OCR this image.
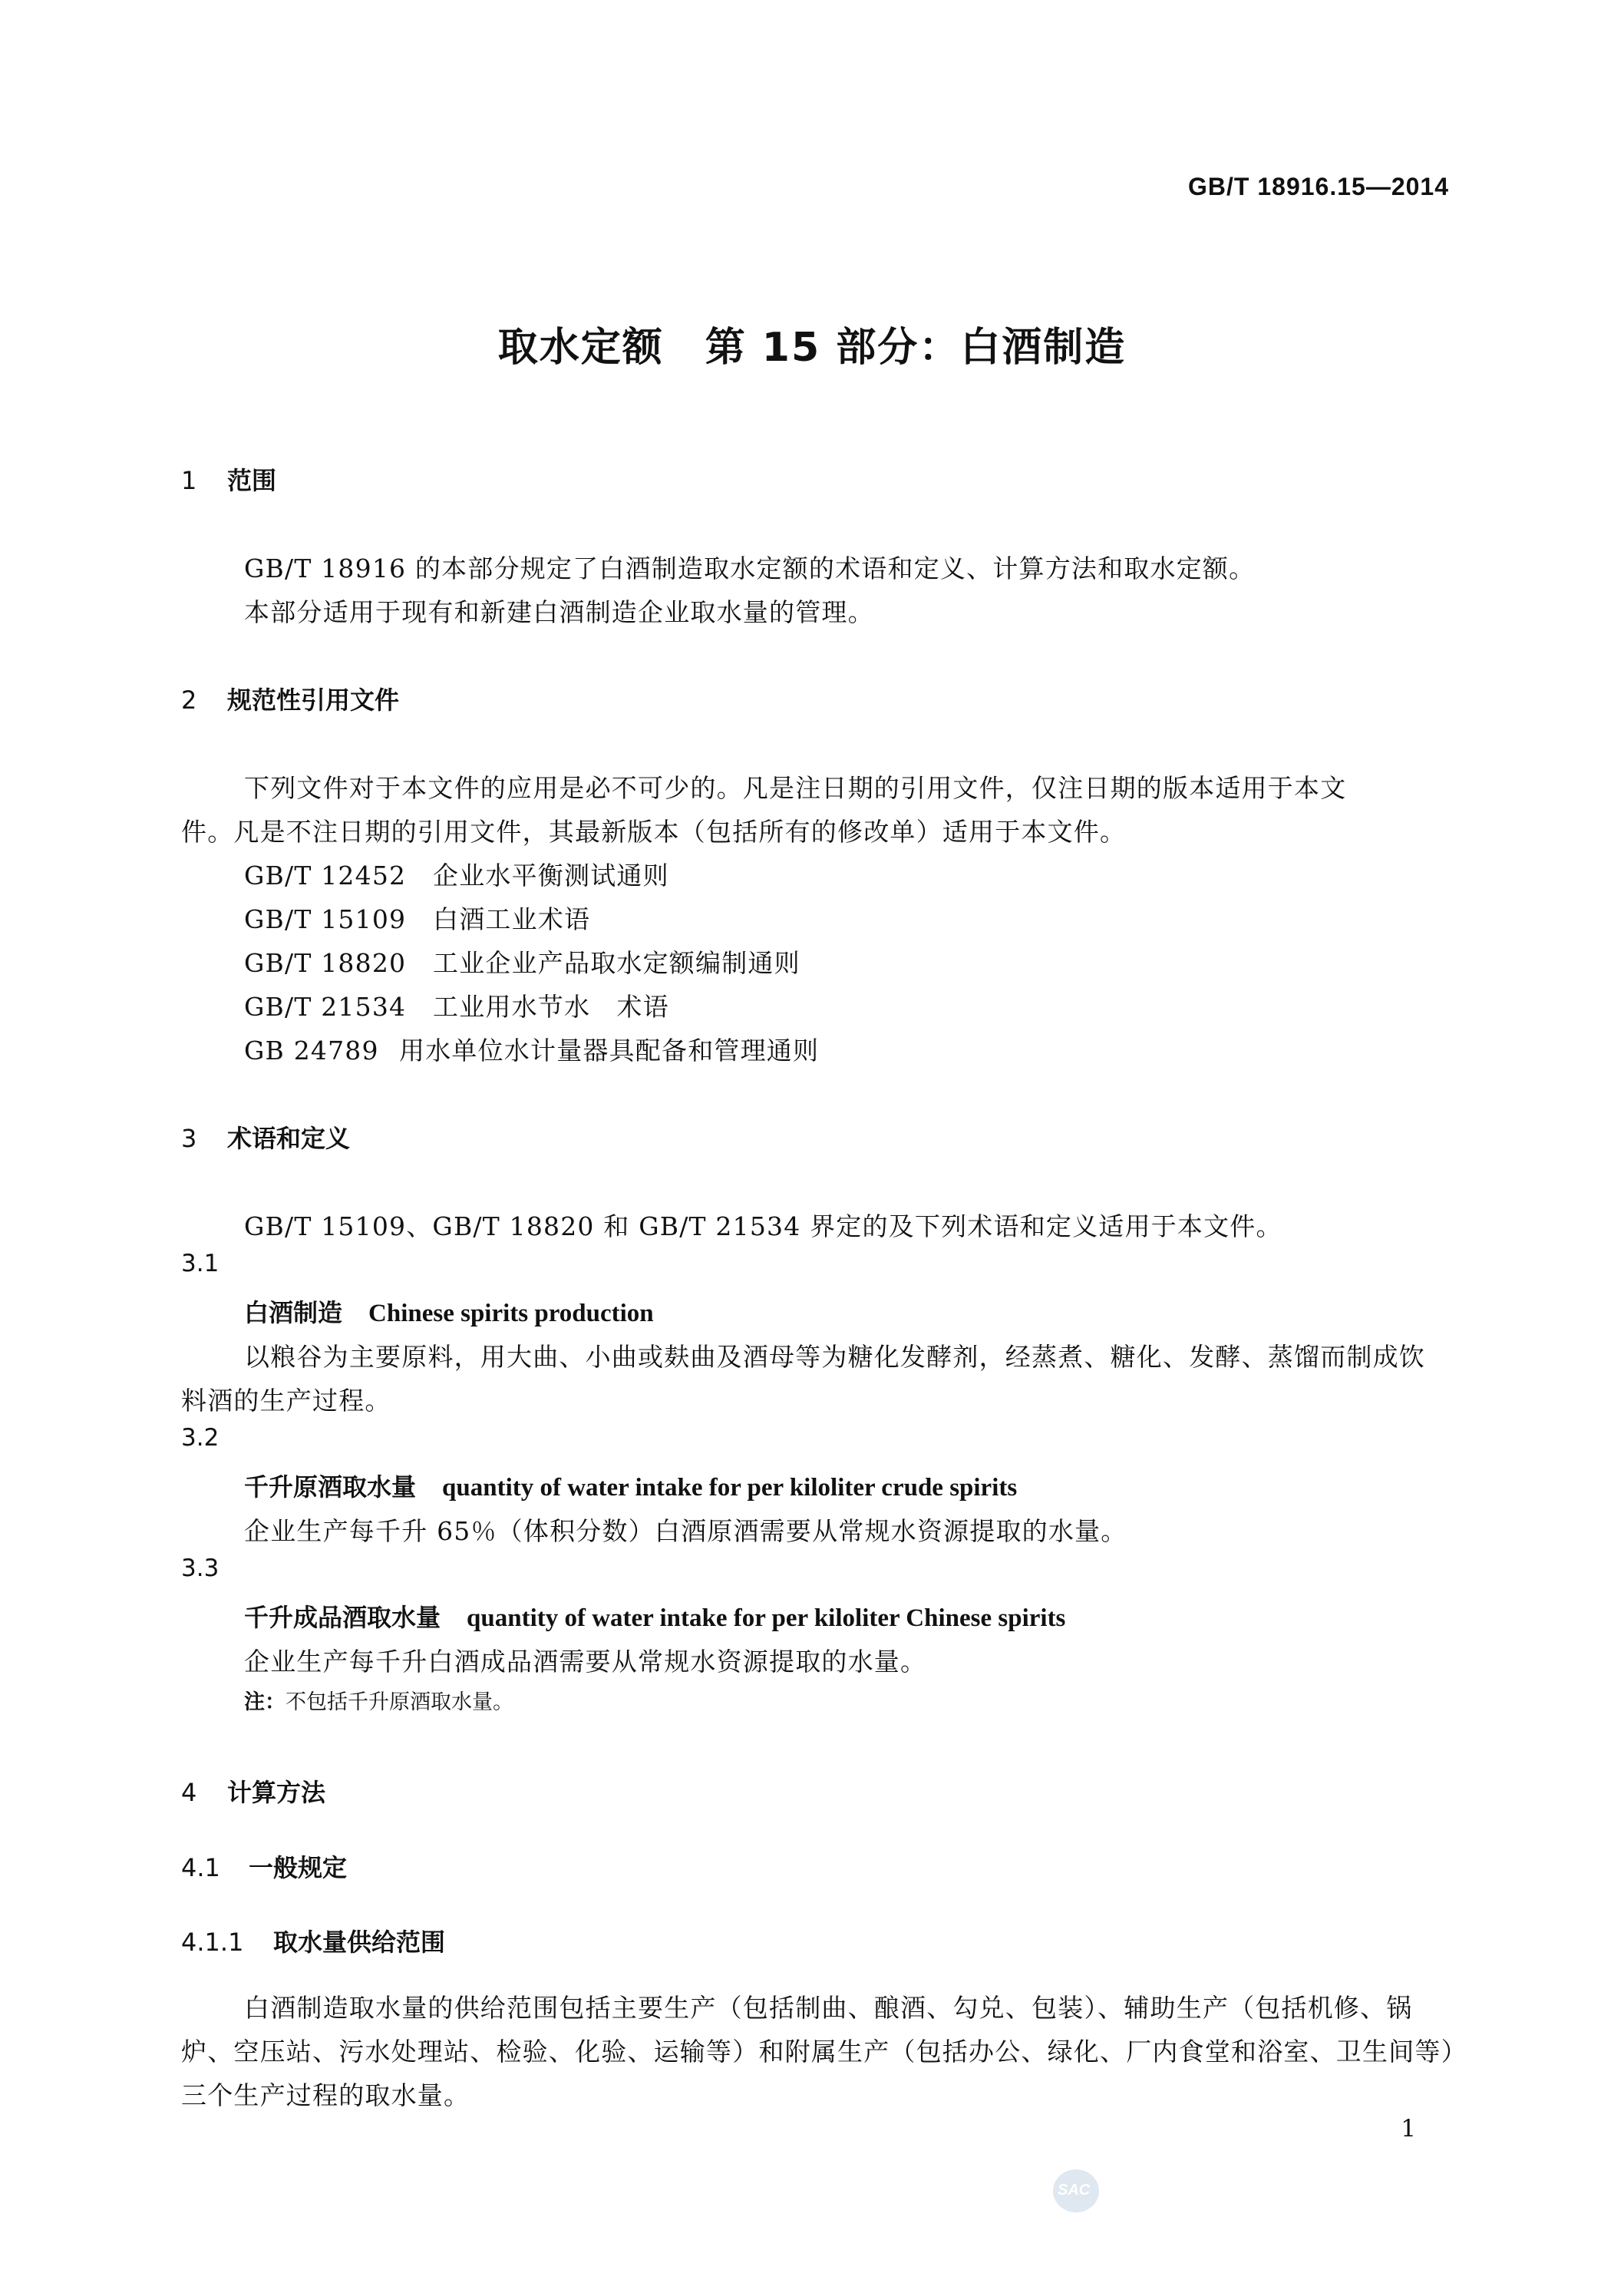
GB/T 18916.15—2014
取水定额　第 15 部分：白酒制造
1 范围
GB/T 18916 的本部分规定了白酒制造取水定额的术语和定义、计算方法和取水定额。
本部分适用于现有和新建白酒制造企业取水量的管理。
2 规范性引用文件
下列文件对于本文件的应用是必不可少的。凡是注日期的引用文件，仅注日期的版本适用于本文
件。凡是不注日期的引用文件，其最新版本（包括所有的修改单）适用于本文件。
GB/T 12452 企业水平衡测试通则
GB/T 15109 白酒工业术语
GB/T 18820 工业企业产品取水定额编制通则
GB/T 21534 工业用水节水　术语
GB 24789 用水单位水计量器具配备和管理通则
3 术语和定义
GB/T 15109、GB/T 18820 和 GB/T 21534 界定的及下列术语和定义适用于本文件。
3.1
白酒制造 Chinese spirits production
以粮谷为主要原料，用大曲、小曲或麸曲及酒母等为糖化发酵剂，经蒸煮、糖化、发酵、蒸馏而制成饮
料酒的生产过程。
3.2
千升原酒取水量 quantity of water intake for per kiloliter crude spirits
企业生产每千升 65％（体积分数）白酒原酒需要从常规水资源提取的水量。
3.3
千升成品酒取水量 quantity of water intake for per kiloliter Chinese spirits
企业生产每千升白酒成品酒需要从常规水资源提取的水量。
注：不包括千升原酒取水量。
4 计算方法
4.1 一般规定
4.1.1 取水量供给范围
白酒制造取水量的供给范围包括主要生产（包括制曲、酿酒、勾兑、包装）、辅助生产（包括机修、锅
炉、空压站、污水处理站、检验、化验、运输等）和附属生产（包括办公、绿化、厂内食堂和浴室、卫生间等）
三个生产过程的取水量。
1
SAC
